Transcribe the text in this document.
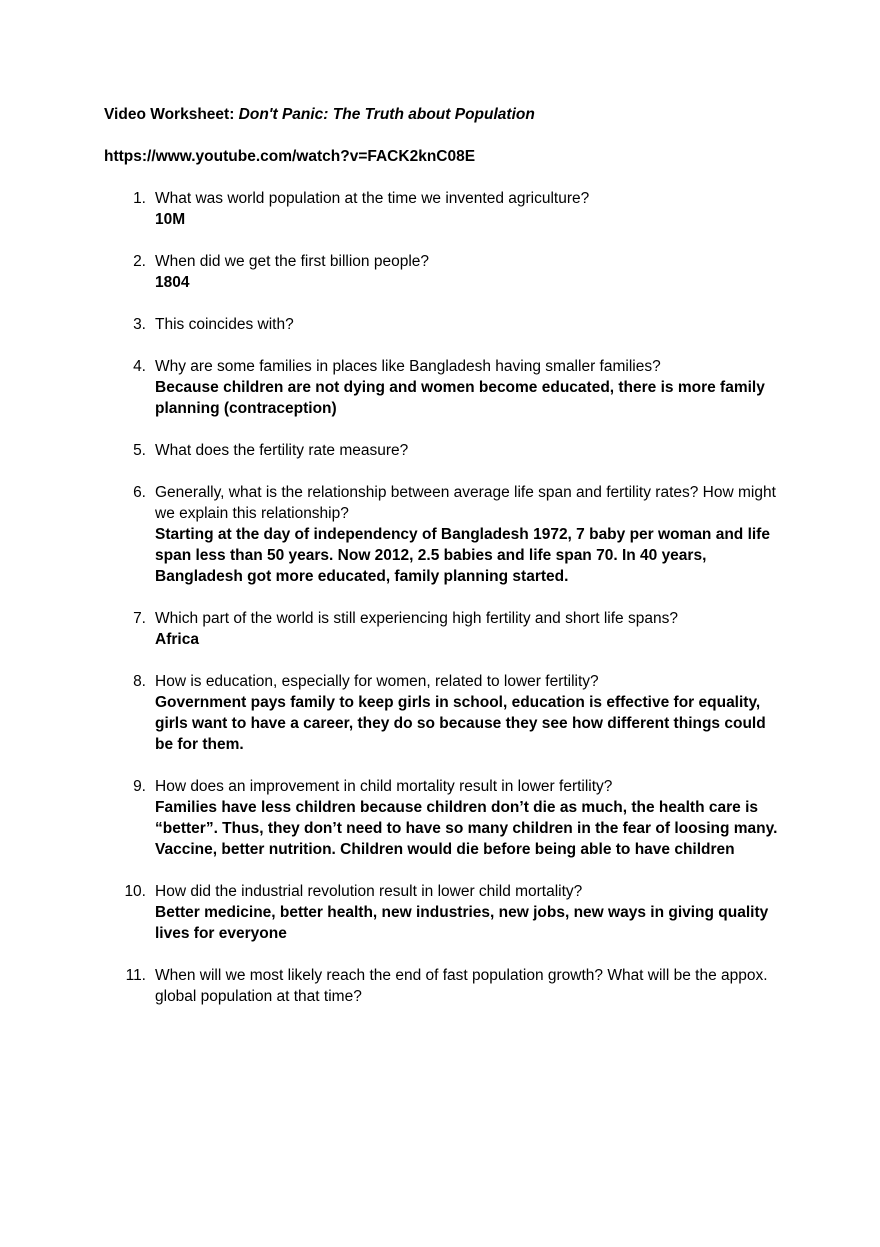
Video Worksheet: Don't Panic: The Truth about Population
https://www.youtube.com/watch?v=FACK2knC08E
1. What was world population at the time we invented agriculture?
10M
2. When did we get the first billion people?
1804
3. This coincides with?
4. Why are some families in places like Bangladesh having smaller families?
Because children are not dying and women become educated, there is more family planning (contraception)
5. What does the fertility rate measure?
6. Generally, what is the relationship between average life span and fertility rates? How might we explain this relationship?
Starting at the day of independency of Bangladesh 1972, 7 baby per woman and life span less than 50 years. Now 2012, 2.5 babies and life span 70. In 40 years, Bangladesh got more educated, family planning started.
7. Which part of the world is still experiencing high fertility and short life spans?
Africa
8. How is education, especially for women, related to lower fertility?
Government pays family to keep girls in school, education is effective for equality, girls want to have a career, they do so because they see how different things could be for them.
9. How does an improvement in child mortality result in lower fertility?
Families have less children because children don’t die as much, the health care is “better”. Thus, they don’t need to have so many children in the fear of loosing many. Vaccine, better nutrition. Children would die before being able to have children
10. How did the industrial revolution result in lower child mortality?
Better medicine, better health, new industries, new jobs, new ways in giving quality lives for everyone
11. When will we most likely reach the end of fast population growth? What will be the appox. global population at that time?
